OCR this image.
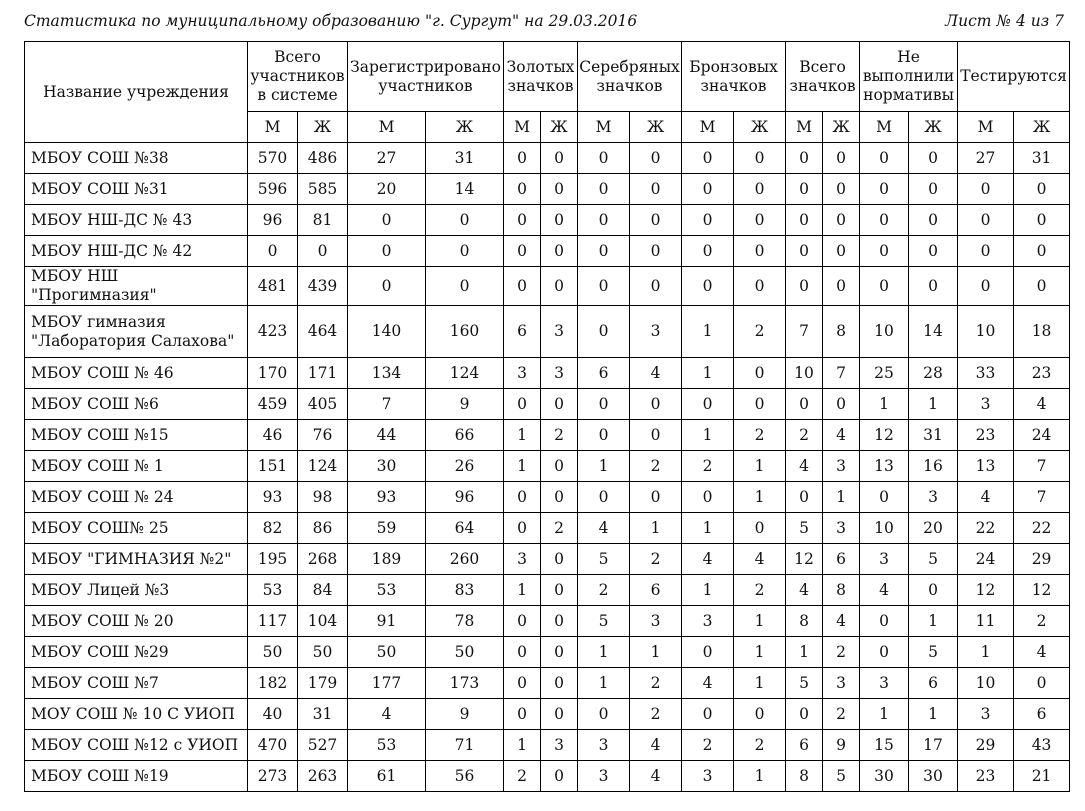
Статистика по муниципальному образованию "г. Сургут" на 29.03.2016	Лист № 4 из 7
Название учреждения	Всего участников в системе		Зарегистрировано участников		Золотых значков		Серебряных значков		Бронзовых значков		Всего значков		Не выполнили нормативы		Тестируются	
	М	Ж	М	Ж	М	Ж	М	Ж	М	Ж	М	Ж	М	Ж	М	Ж
МБОУ СОШ №38	570	486	27	31	0	0	0	0	0	0	0	0	0	0	27	31
МБОУ СОШ №31	596	585	20	14	0	0	0	0	0	0	0	0	0	0	0	0
МБОУ НШ-ДС № 43	96	81	0	0	0	0	0	0	0	0	0	0	0	0	0	0
МБОУ НШ-ДС № 42	0	0	0	0	0	0	0	0	0	0	0	0	0	0	0	0
МБОУ НШ "Прогимназия"	481	439	0	0	0	0	0	0	0	0	0	0	0	0	0	0
МБОУ гимназия "Лаборатория Салахова"	423	464	140	160	6	3	0	3	1	2	7	8	10	14	10	18
МБОУ СОШ № 46	170	171	134	124	3	3	6	4	1	0	10	7	25	28	33	23
МБОУ СОШ №6	459	405	7	9	0	0	0	0	0	0	0	0	1	1	3	4
МБОУ СОШ №15	46	76	44	66	1	2	0	0	1	2	2	4	12	31	23	24
МБОУ СОШ № 1	151	124	30	26	1	0	1	2	2	1	4	3	13	16	13	7
МБОУ СОШ № 24	93	98	93	96	0	0	0	0	0	1	0	1	0	3	4	7
МБОУ СОШ№ 25	82	86	59	64	0	2	4	1	1	0	5	3	10	20	22	22
МБОУ "ГИМНАЗИЯ №2"	195	268	189	260	3	0	5	2	4	4	12	6	3	5	24	29
МБОУ Лицей №3	53	84	53	83	1	0	2	6	1	2	4	8	4	0	12	12
МБОУ СОШ № 20	117	104	91	78	0	0	5	3	3	1	8	4	0	1	11	2
МБОУ СОШ №29	50	50	50	50	0	0	1	1	0	1	1	2	0	5	1	4
МБОУ СОШ №7	182	179	177	173	0	0	1	2	4	1	5	3	3	6	10	0
МОУ СОШ № 10 С УИОП	40	31	4	9	0	0	0	2	0	0	0	2	1	1	3	6
МБОУ СОШ №12 с УИОП	470	527	53	71	1	3	3	4	2	2	6	9	15	17	29	43
МБОУ СОШ №19	273	263	61	56	2	0	3	4	3	1	8	5	30	30	23	21
